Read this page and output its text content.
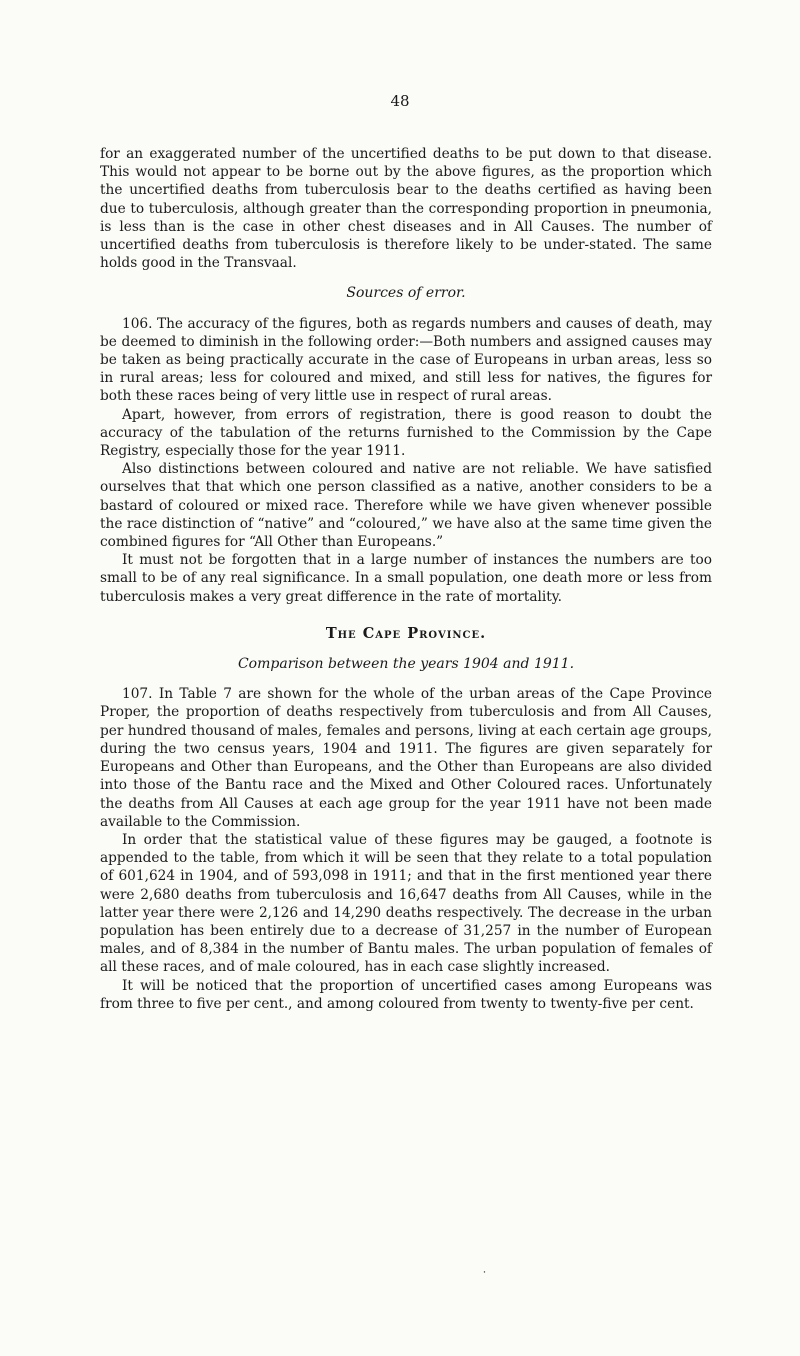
48

for an exaggerated number of the uncertified deaths to be put down to that disease. This would not appear to be borne out by the above figures, as the proportion which the uncertified deaths from tuberculosis bear to the deaths certified as having been due to tuberculosis, although greater than the corresponding proportion in pneumonia, is less than is the case in other chest diseases and in All Causes. The number of uncertified deaths from tuberculosis is therefore likely to be under-stated. The same holds good in the Transvaal.

Sources of error.

106. The accuracy of the figures, both as regards numbers and causes of death, may be deemed to diminish in the following order:—Both numbers and assigned causes may be taken as being practically accurate in the case of Europeans in urban areas, less so in rural areas; less for coloured and mixed, and still less for natives, the figures for both these races being of very little use in respect of rural areas.

Apart, however, from errors of registration, there is good reason to doubt the accuracy of the tabulation of the returns furnished to the Commission by the Cape Registry, especially those for the year 1911.

Also distinctions between coloured and native are not reliable. We have satisfied ourselves that that which one person classified as a native, another considers to be a bastard of coloured or mixed race. Therefore while we have given whenever possible the race distinction of “native” and “coloured,” we have also at the same time given the combined figures for “All Other than Europeans.”

It must not be forgotten that in a large number of instances the numbers are too small to be of any real significance. In a small population, one death more or less from tuberculosis makes a very great difference in the rate of mortality.

The Cape Province.
Comparison between the years 1904 and 1911.

107. In Table 7 are shown for the whole of the urban areas of the Cape Province Proper, the proportion of deaths respectively from tuberculosis and from All Causes, per hundred thousand of males, females and persons, living at each certain age groups, during the two census years, 1904 and 1911. The figures are given separately for Europeans and Other than Europeans, and the Other than Europeans are also divided into those of the Bantu race and the Mixed and Other Coloured races. Unfortunately the deaths from All Causes at each age group for the year 1911 have not been made available to the Commission.

In order that the statistical value of these figures may be gauged, a footnote is appended to the table, from which it will be seen that they relate to a total population of 601,624 in 1904, and of 593,098 in 1911; and that in the first mentioned year there were 2,680 deaths from tuberculosis and 16,647 deaths from All Causes, while in the latter year there were 2,126 and 14,290 deaths respectively. The decrease in the urban population has been entirely due to a decrease of 31,257 in the number of European males, and of 8,384 in the number of Bantu males. The urban population of females of all these races, and of male coloured, has in each case slightly increased.

It will be noticed that the proportion of uncertified cases among Europeans was from three to five per cent., and among coloured from twenty to twenty-five per cent.

⸳
